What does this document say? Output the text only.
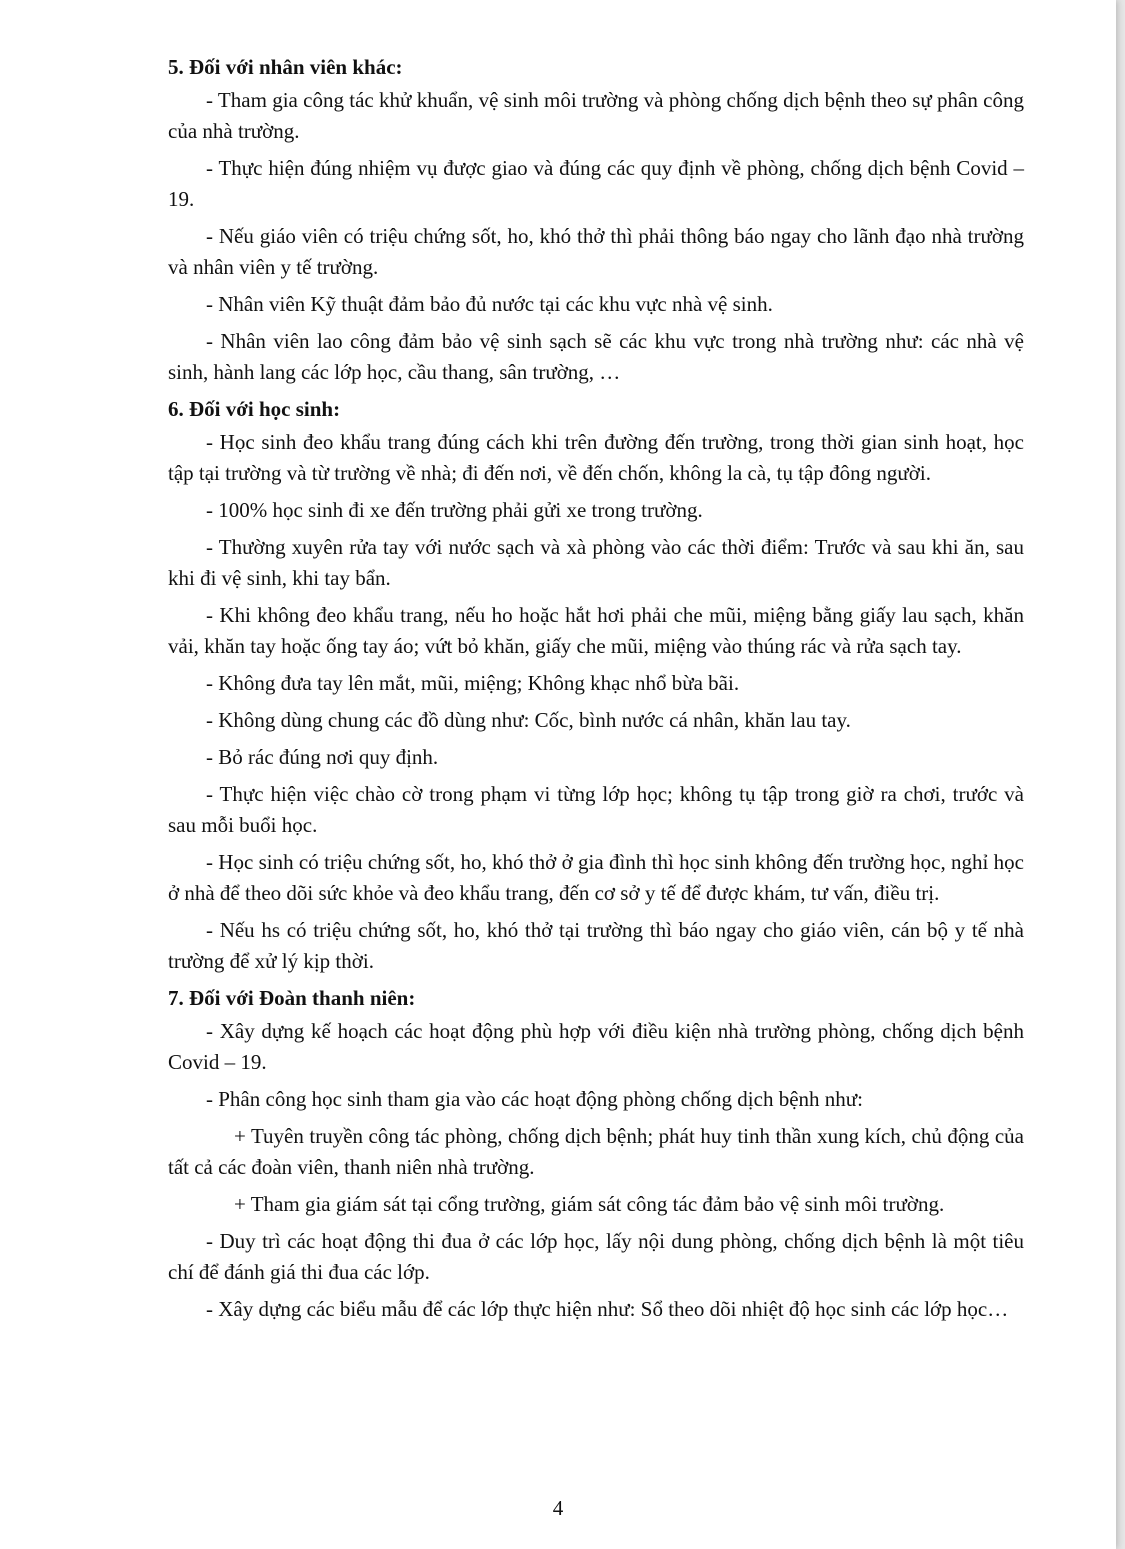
5. Đối với nhân viên khác:

- Tham gia công tác khử khuẩn, vệ sinh môi trường và phòng chống dịch bệnh theo sự phân công của nhà trường.

- Thực hiện đúng nhiệm vụ được giao và đúng các quy định về phòng, chống dịch bệnh Covid – 19.

- Nếu giáo viên có triệu chứng sốt, ho, khó thở thì phải thông báo ngay cho lãnh đạo nhà trường và nhân viên y tế trường.

- Nhân viên Kỹ thuật đảm bảo đủ nước tại các khu vực nhà vệ sinh.

- Nhân viên lao công đảm bảo vệ sinh sạch sẽ các khu vực trong nhà trường như: các nhà vệ sinh, hành lang các lớp học, cầu thang, sân trường, …

6. Đối với học sinh:

- Học sinh đeo khẩu trang đúng cách khi trên đường đến trường, trong thời gian sinh hoạt, học tập tại trường và từ trường về nhà; đi đến nơi, về đến chốn, không la cà, tụ tập đông người.

- 100% học sinh đi xe đến trường phải gửi xe trong trường.

- Thường xuyên rửa tay với nước sạch và xà phòng vào các thời điểm: Trước và sau khi ăn, sau khi đi vệ sinh, khi tay bẩn.

- Khi không đeo khẩu trang, nếu ho hoặc hắt hơi phải che mũi, miệng bằng giấy lau sạch, khăn vải, khăn tay hoặc ống tay áo; vứt bỏ khăn, giấy che mũi, miệng vào thúng rác và rửa sạch tay.

- Không đưa tay lên mắt, mũi, miệng; Không khạc nhổ bừa bãi.

- Không dùng chung các đồ dùng như: Cốc, bình nước cá nhân, khăn lau tay.

- Bỏ rác đúng nơi quy định.

- Thực hiện việc chào cờ trong phạm vi từng lớp học; không tụ tập trong giờ ra chơi, trước và sau mỗi buổi học.

- Học sinh có triệu chứng sốt, ho, khó thở ở gia đình thì học sinh không đến trường học, nghỉ học ở nhà để theo dõi sức khỏe và đeo khẩu trang, đến cơ sở y tế để được khám, tư vấn, điều trị.

- Nếu hs có triệu chứng sốt, ho, khó thở tại trường thì báo ngay cho giáo viên, cán bộ y tế nhà trường để xử lý kịp thời.

7. Đối với Đoàn thanh niên:

- Xây dựng kế hoạch các hoạt động phù hợp với điều kiện nhà trường phòng, chống dịch bệnh Covid – 19.

- Phân công học sinh tham gia vào các hoạt động phòng chống dịch bệnh như:

+ Tuyên truyền công tác phòng, chống dịch bệnh; phát huy tinh thần xung kích, chủ động của tất cả các đoàn viên, thanh niên nhà trường.

+ Tham gia giám sát tại cổng trường, giám sát công tác đảm bảo vệ sinh môi trường.

- Duy trì các hoạt động thi đua ở các lớp học, lấy nội dung phòng, chống dịch bệnh là một tiêu chí để đánh giá thi đua các lớp.

- Xây dựng các biểu mẫu để các lớp thực hiện như: Sổ theo dõi nhiệt độ học sinh các lớp học…

4
